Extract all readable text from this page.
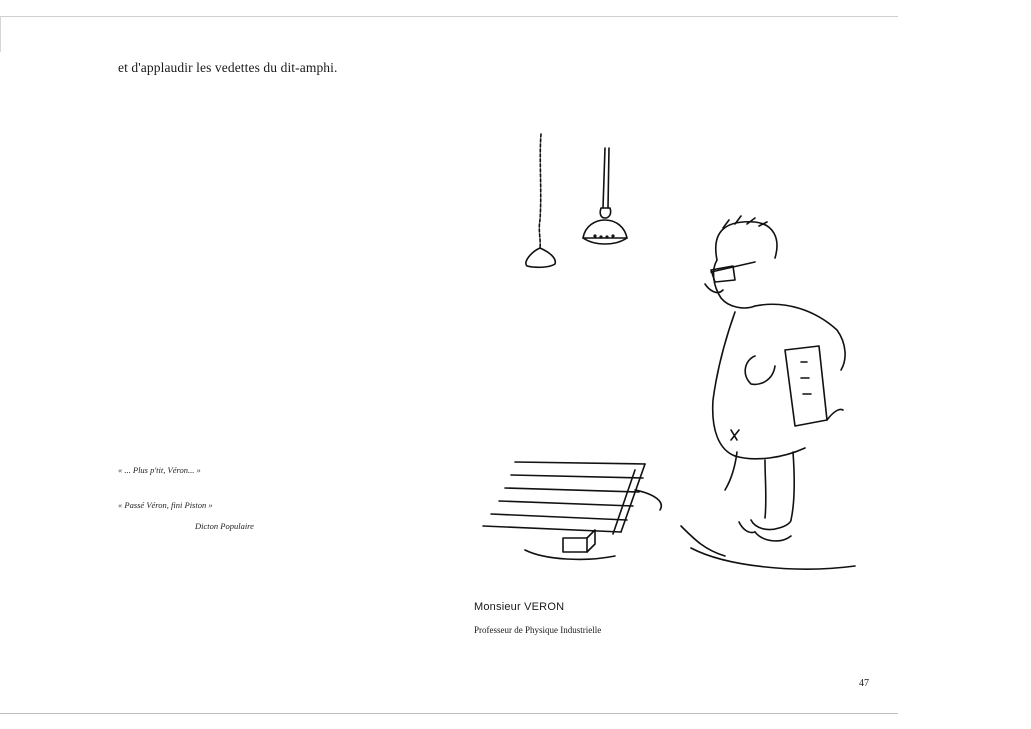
et d'applaudir les vedettes du dit-amphi.
« ... Plus p'tit, Véron... »
« Passé Véron, fini Piston »
Dicton Populaire
Monsieur VERON
Professeur de Physique Industrielle
47
